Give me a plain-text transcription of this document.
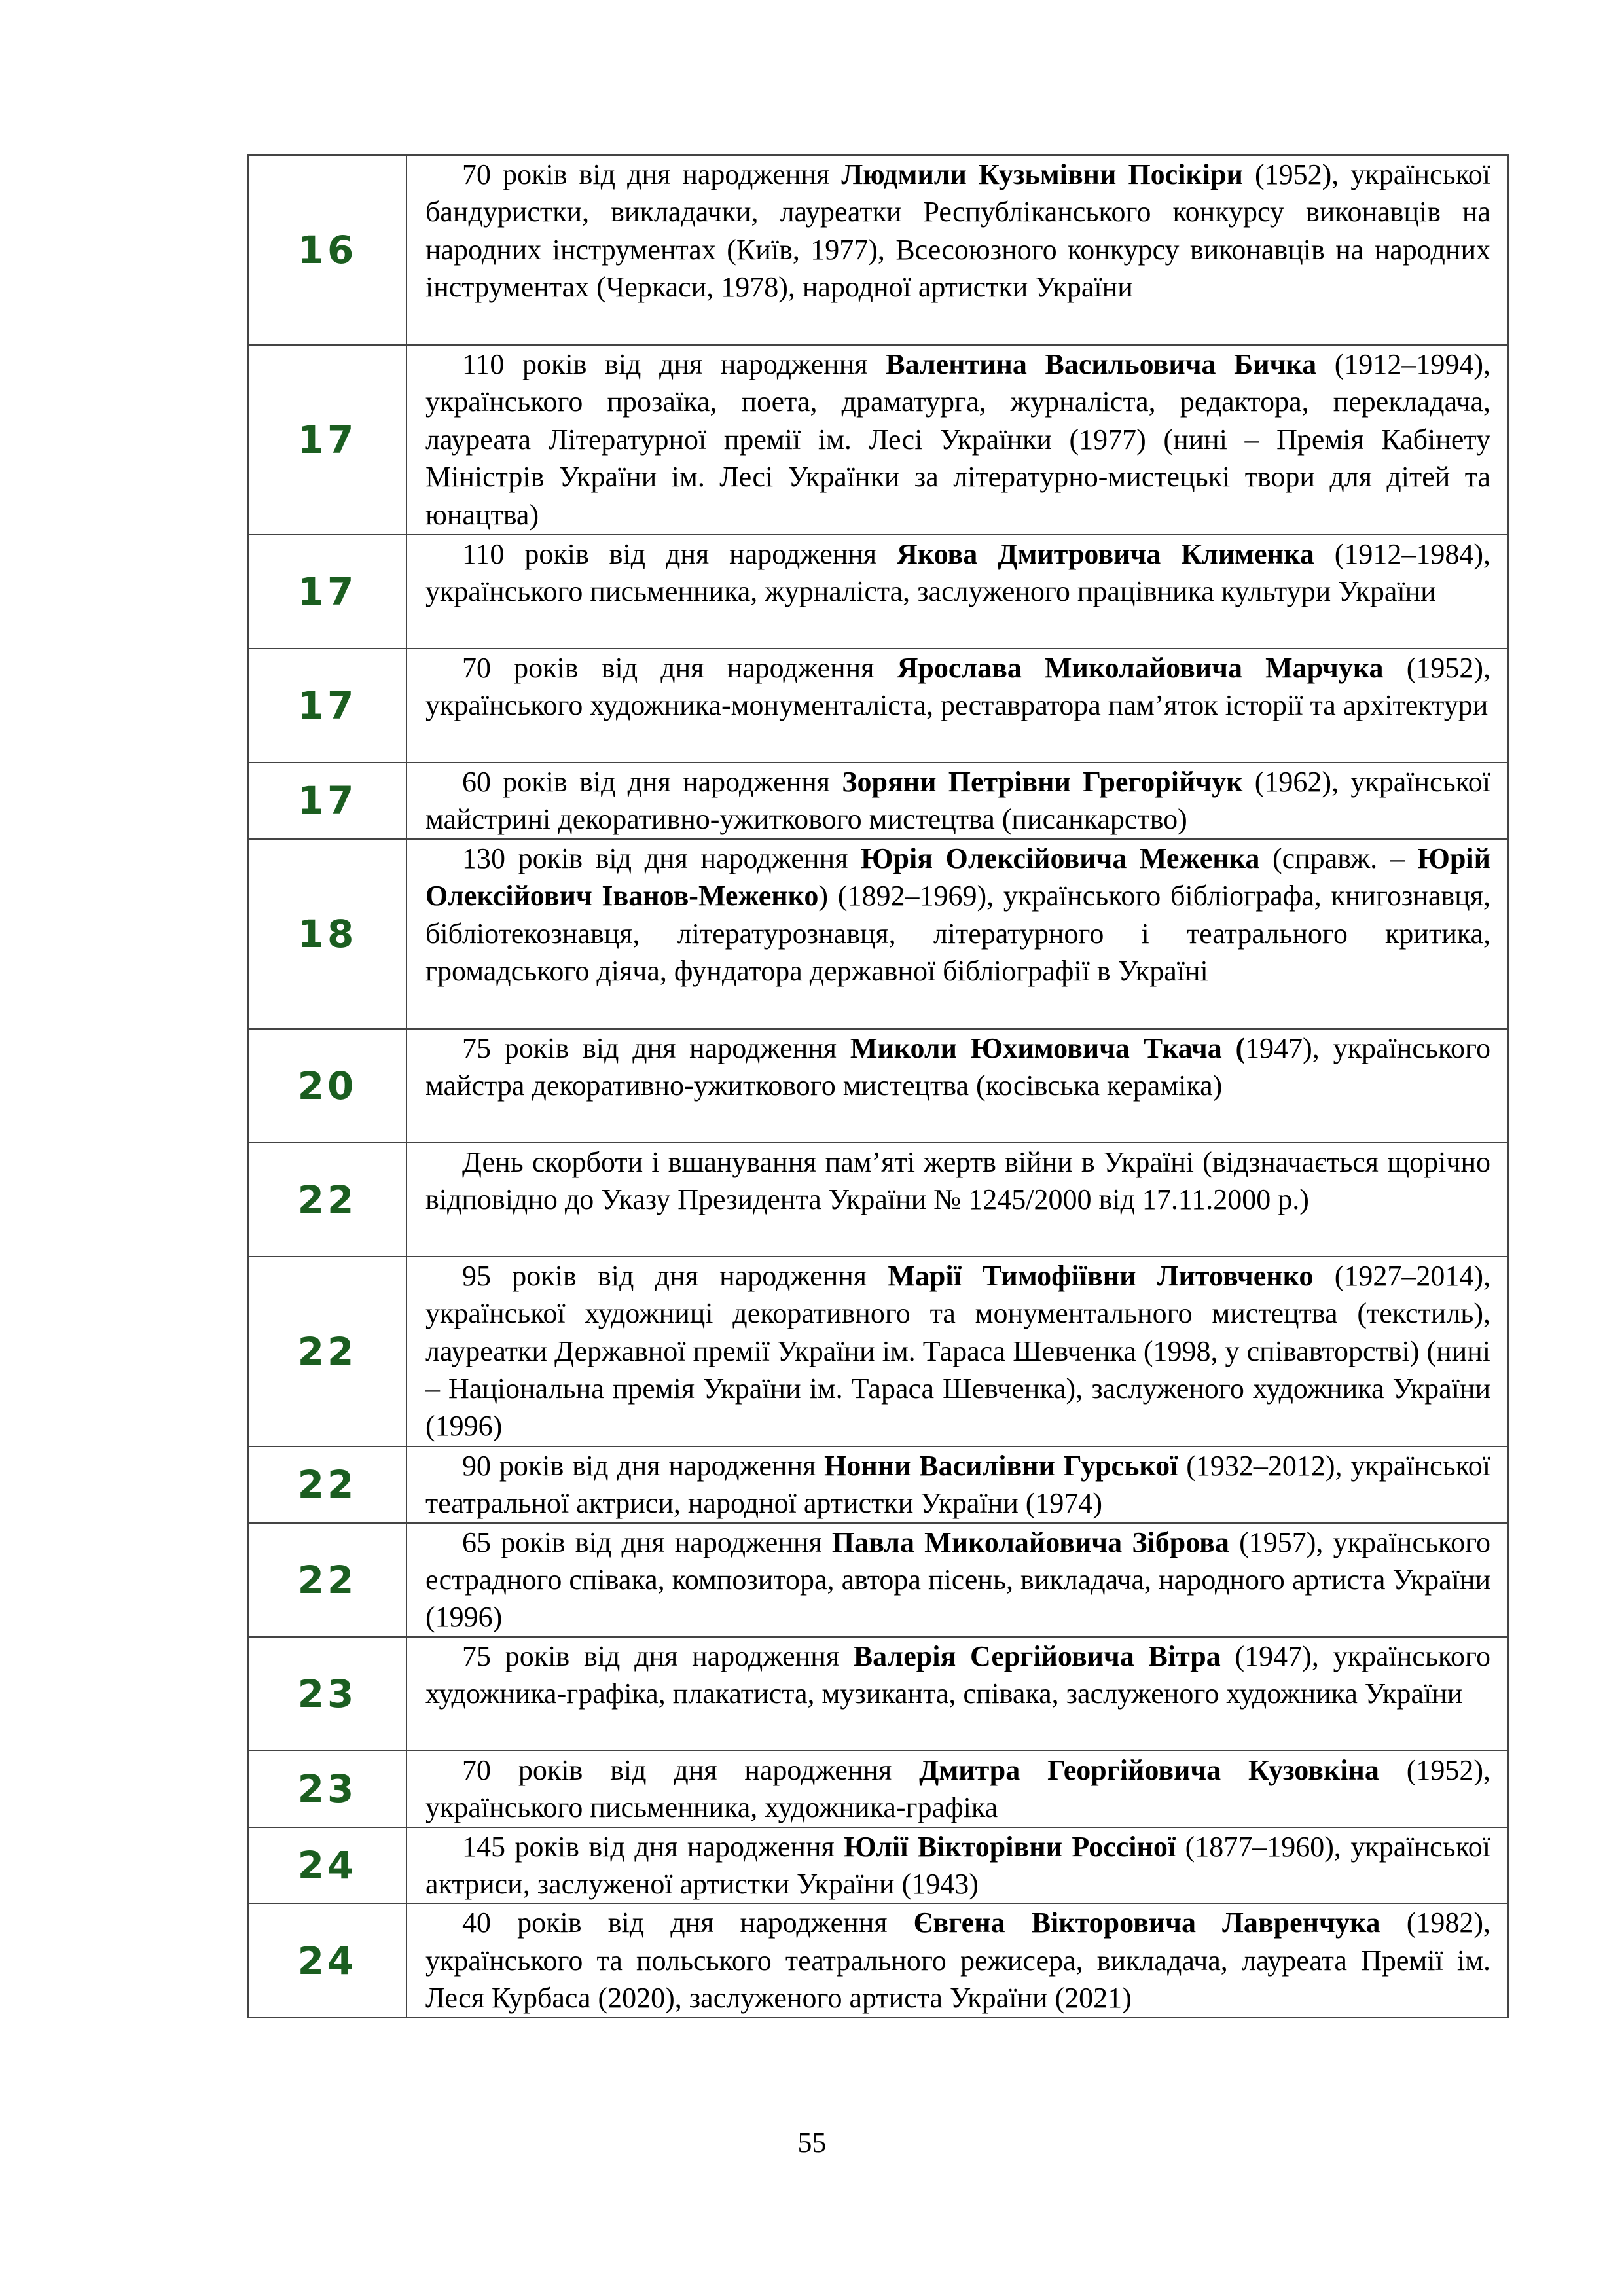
16	70 років від дня народження Людмили Кузьмівни Посікіри (1952), української бандуристки, викладачки, лауреатки Республіканського конкурсу виконавців на народних інструментах (Київ, 1977), Всесоюзного конкурсу виконавців на народних інструментах (Черкаси, 1978), народної артистки України

17	110 років від дня народження Валентина Васильовича Бичка (1912–1994), українського прозаїка, поета, драматурга, журналіста, редактора, перекладача, лауреата Літературної премії ім. Лесі Українки (1977) (нині – Премія Кабінету Міністрів України ім. Лесі Українки за літературно-мистецькі твори для дітей та юнацтва)

17	110 років від дня народження Якова Дмитровича Клименка (1912–1984), українського письменника, журналіста, заслуженого працівника культури України

17	70 років від дня народження Ярослава Миколайовича Марчука (1952), українського художника-монументаліста, реставратора пам’яток історії та архітектури

17	60 років від дня народження Зоряни Петрівни Грегорійчук (1962), української майстрині декоративно-ужиткового мистецтва (писанкарство)

18	130 років від дня народження Юрія Олексійовича Меженка (справж. – Юрій Олексійович Іванов-Меженко) (1892–1969), українського бібліографа, книгознавця, бібліотекознавця, літературознавця, літературного і театрального критика, громадського діяча, фундатора державної бібліографії в Україні

20	75 років від дня народження Миколи Юхимовича Ткача (1947), українського майстра декоративно-ужиткового мистецтва (косівська кераміка)

22	День скорботи і вшанування пам’яті жертв війни в Україні (відзначається щорічно відповідно до Указу Президента України № 1245/2000 від 17.11.2000 р.)

22	95 років від дня народження Марії Тимофіївни Литовченко (1927–2014), української художниці декоративного та монументального мистецтва (текстиль), лауреатки Державної премії України ім. Тараса Шевченка (1998, у співавторстві) (нині – Національна премія України ім. Тараса Шевченка), заслуженого художника України (1996)

22	90 років від дня народження Нонни Василівни Гурської (1932–2012), української театральної актриси, народної артистки України (1974)

22	65 років від дня народження Павла Миколайовича Зіброва (1957), українського естрадного співака, композитора, автора пісень, викладача, народного артиста України (1996)

23	75 років від дня народження Валерія Сергійовича Вітра (1947), українського художника-графіка, плакатиста, музиканта, співака, заслуженого художника України

23	70 років від дня народження Дмитра Георгійовича Кузовкіна (1952), українського письменника, художника-графіка

24	145 років від дня народження Юлії Вікторівни Россіної (1877–1960), української актриси, заслуженої артистки України (1943)

24	40 років від дня народження Євгена Вікторовича Лавренчука (1982), українського та польського театрального режисера, викладача, лауреата Премії ім. Леся Курбаса (2020), заслуженого артиста України (2021)
55
